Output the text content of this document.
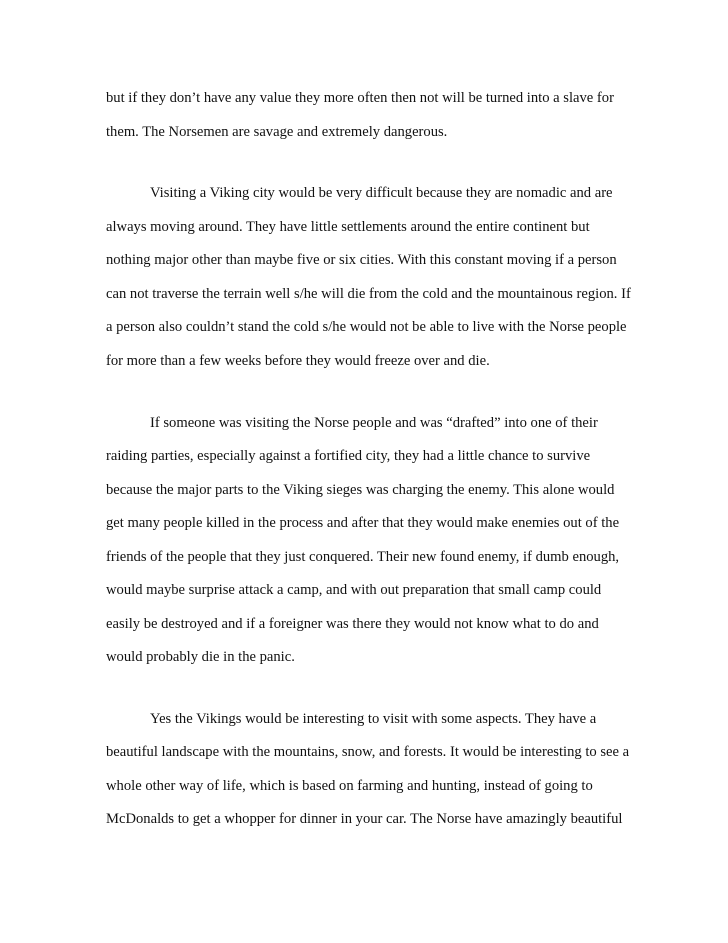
but if they don’t have any value they more often then not will be turned into a slave for
them. The Norsemen are savage and extremely dangerous.
Visiting a Viking city would be very difficult because they are nomadic and are
always moving around. They have little settlements around the entire continent but
nothing major other than maybe five or six cities. With this constant moving if a person
can not traverse the terrain well s/he will die from the cold and the mountainous region. If
a person also couldn’t stand the cold s/he would not be able to live with the Norse people
for more than a few weeks before they would freeze over and die.
If someone was visiting the Norse people and was “drafted” into one of their
raiding parties, especially against a fortified city, they had a little chance to survive
because the major parts to the Viking sieges was charging the enemy. This alone would
get many people killed in the process and after that they would make enemies out of the
friends of the people that they just conquered. Their new found enemy, if dumb enough,
would maybe surprise attack a camp, and with out preparation that small camp could
easily be destroyed and if a foreigner was there they would not know what to do and
would probably die in the panic.
Yes the Vikings would be interesting to visit with some aspects. They have a
beautiful landscape with the mountains, snow, and forests. It would be interesting to see a
whole other way of life, which is based on farming and hunting, instead of going to
McDonalds to get a whopper for dinner in your car. The Norse have amazingly beautiful
